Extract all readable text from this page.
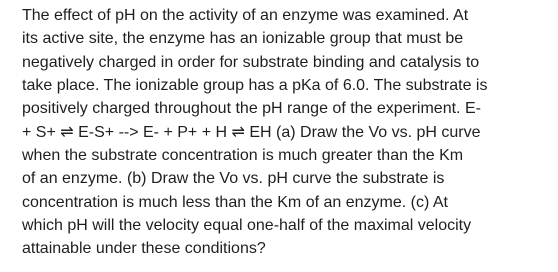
The effect of pH on the activity of an enzyme was examined. At
its active site, the enzyme has an ionizable group that must be
negatively charged in order for substrate binding and catalysis to
take place. The ionizable group has a pKa of 6.0. The substrate is
positively charged throughout the pH range of the experiment. E-
+ S+ ⇌ E-S+ --> E- + P+ + H ⇌ EH (a) Draw the Vo vs. pH curve
when the substrate concentration is much greater than the Km
of an enzyme. (b) Draw the Vo vs. pH curve the substrate is
concentration is much less than the Km of an enzyme. (c) At
which pH will the velocity equal one-half of the maximal velocity
attainable under these conditions?
